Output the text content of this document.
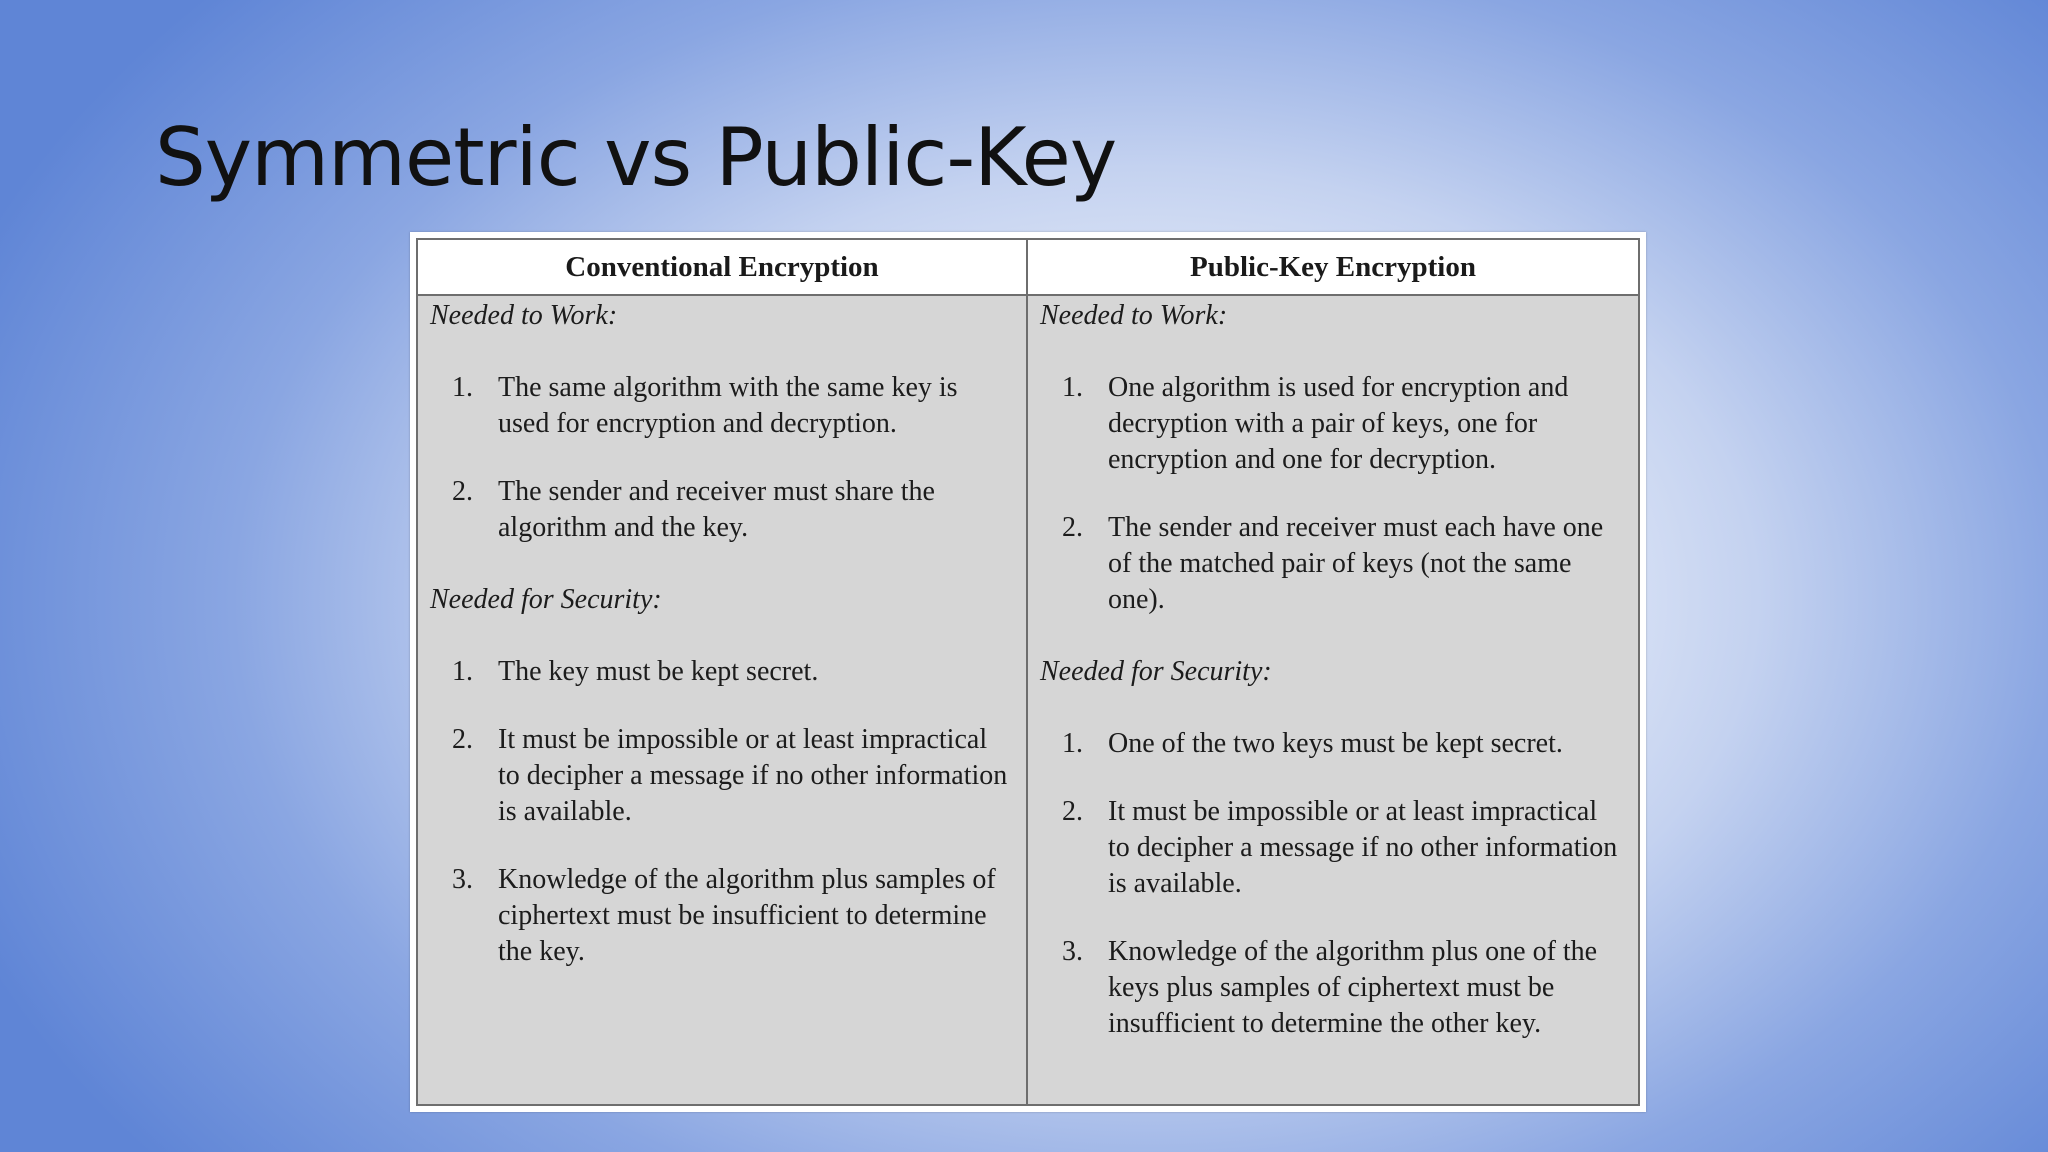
Symmetric vs Public-Key
Conventional Encryption	Public-Key Encryption
Needed to Work:
1. The same algorithm with the same key is used for encryption and decryption.
2. The sender and receiver must share the algorithm and the key.
Needed for Security:
1. The key must be kept secret.
2. It must be impossible or at least impractical to decipher a message if no other information is available.
3. Knowledge of the algorithm plus samples of ciphertext must be insufficient to determine the key.
Needed to Work:
1. One algorithm is used for encryption and decryption with a pair of keys, one for encryption and one for decryption.
2. The sender and receiver must each have one of the matched pair of keys (not the same one).
Needed for Security:
1. One of the two keys must be kept secret.
2. It must be impossible or at least impractical to decipher a message if no other information is available.
3. Knowledge of the algorithm plus one of the keys plus samples of ciphertext must be insufficient to determine the other key.
